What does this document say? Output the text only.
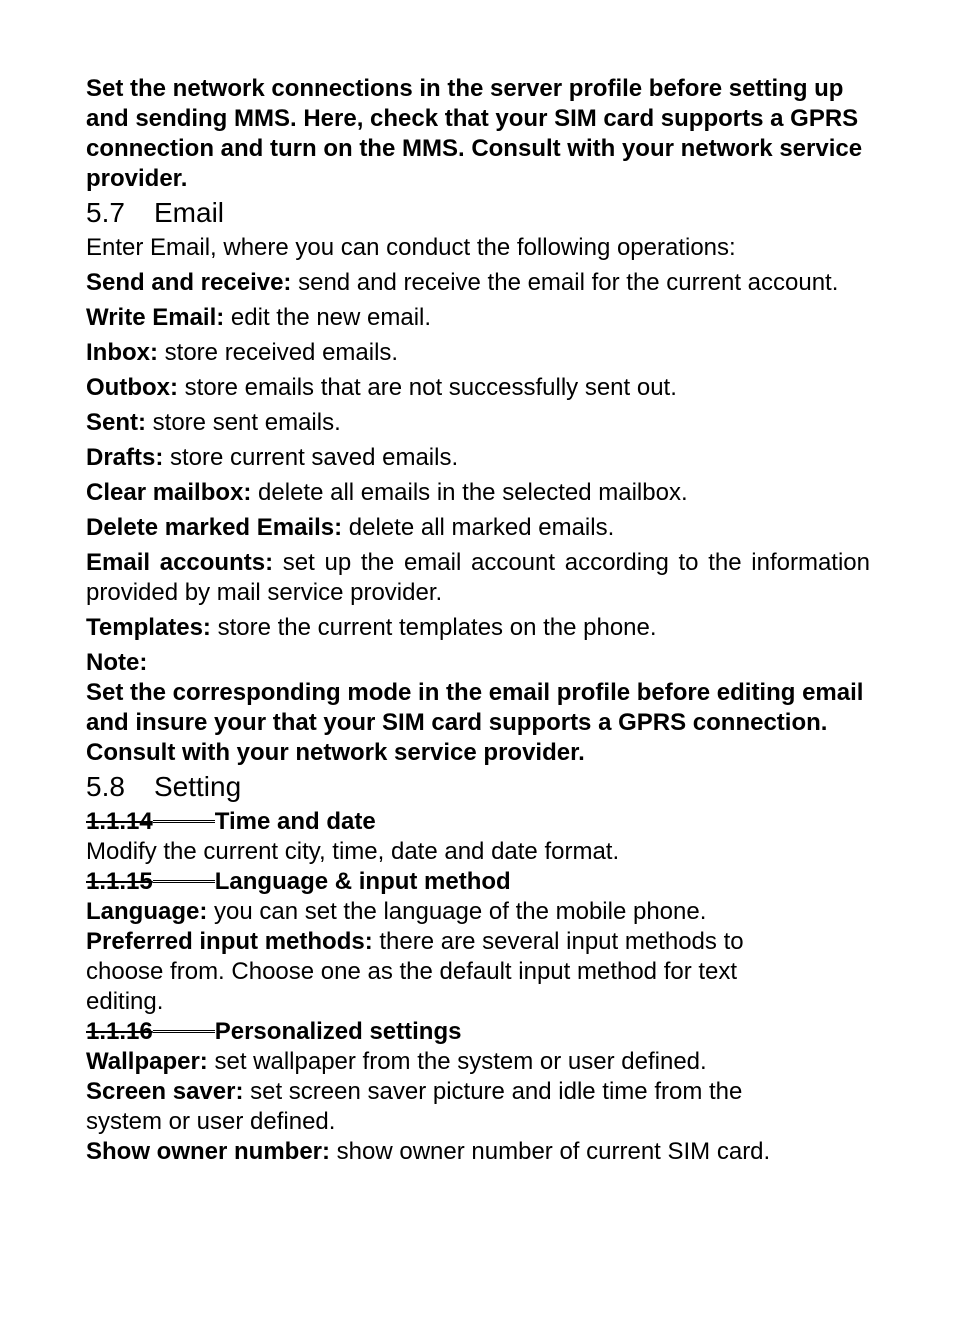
Set the network connections in the server profile before setting up and sending MMS. Here, check that your SIM card supports a GPRS connection and turn on the MMS. Consult with your network service provider.

5.7 Email

Enter Email, where you can conduct the following operations:

Send and receive: send and receive the email for the current account.

Write Email: edit the new email.

Inbox: store received emails.

Outbox: store emails that are not successfully sent out.

Sent: store sent emails.

Drafts: store current saved emails.

Clear mailbox: delete all emails in the selected mailbox.

Delete marked Emails: delete all marked emails.

Email accounts: set up the email account according to the information provided by mail service provider.

Templates: store the current templates on the phone.

Note:

Set the corresponding mode in the email profile before editing email and insure your that your SIM card supports a GPRS connection. Consult with your network service provider.

5.8 Setting
1.1.14	Time and date

Modify the current city, time, date and date format.

1.1.15	Language & input method

Language: you can set the language of the mobile phone.

Preferred input methods: there are several input methods to choose from. Choose one as the default input method for text editing.

1.1.16	Personalized settings

Wallpaper: set wallpaper from the system or user defined.

Screen saver: set screen saver picture and idle time from the system or user defined.

Show owner number: show owner number of current SIM card.
